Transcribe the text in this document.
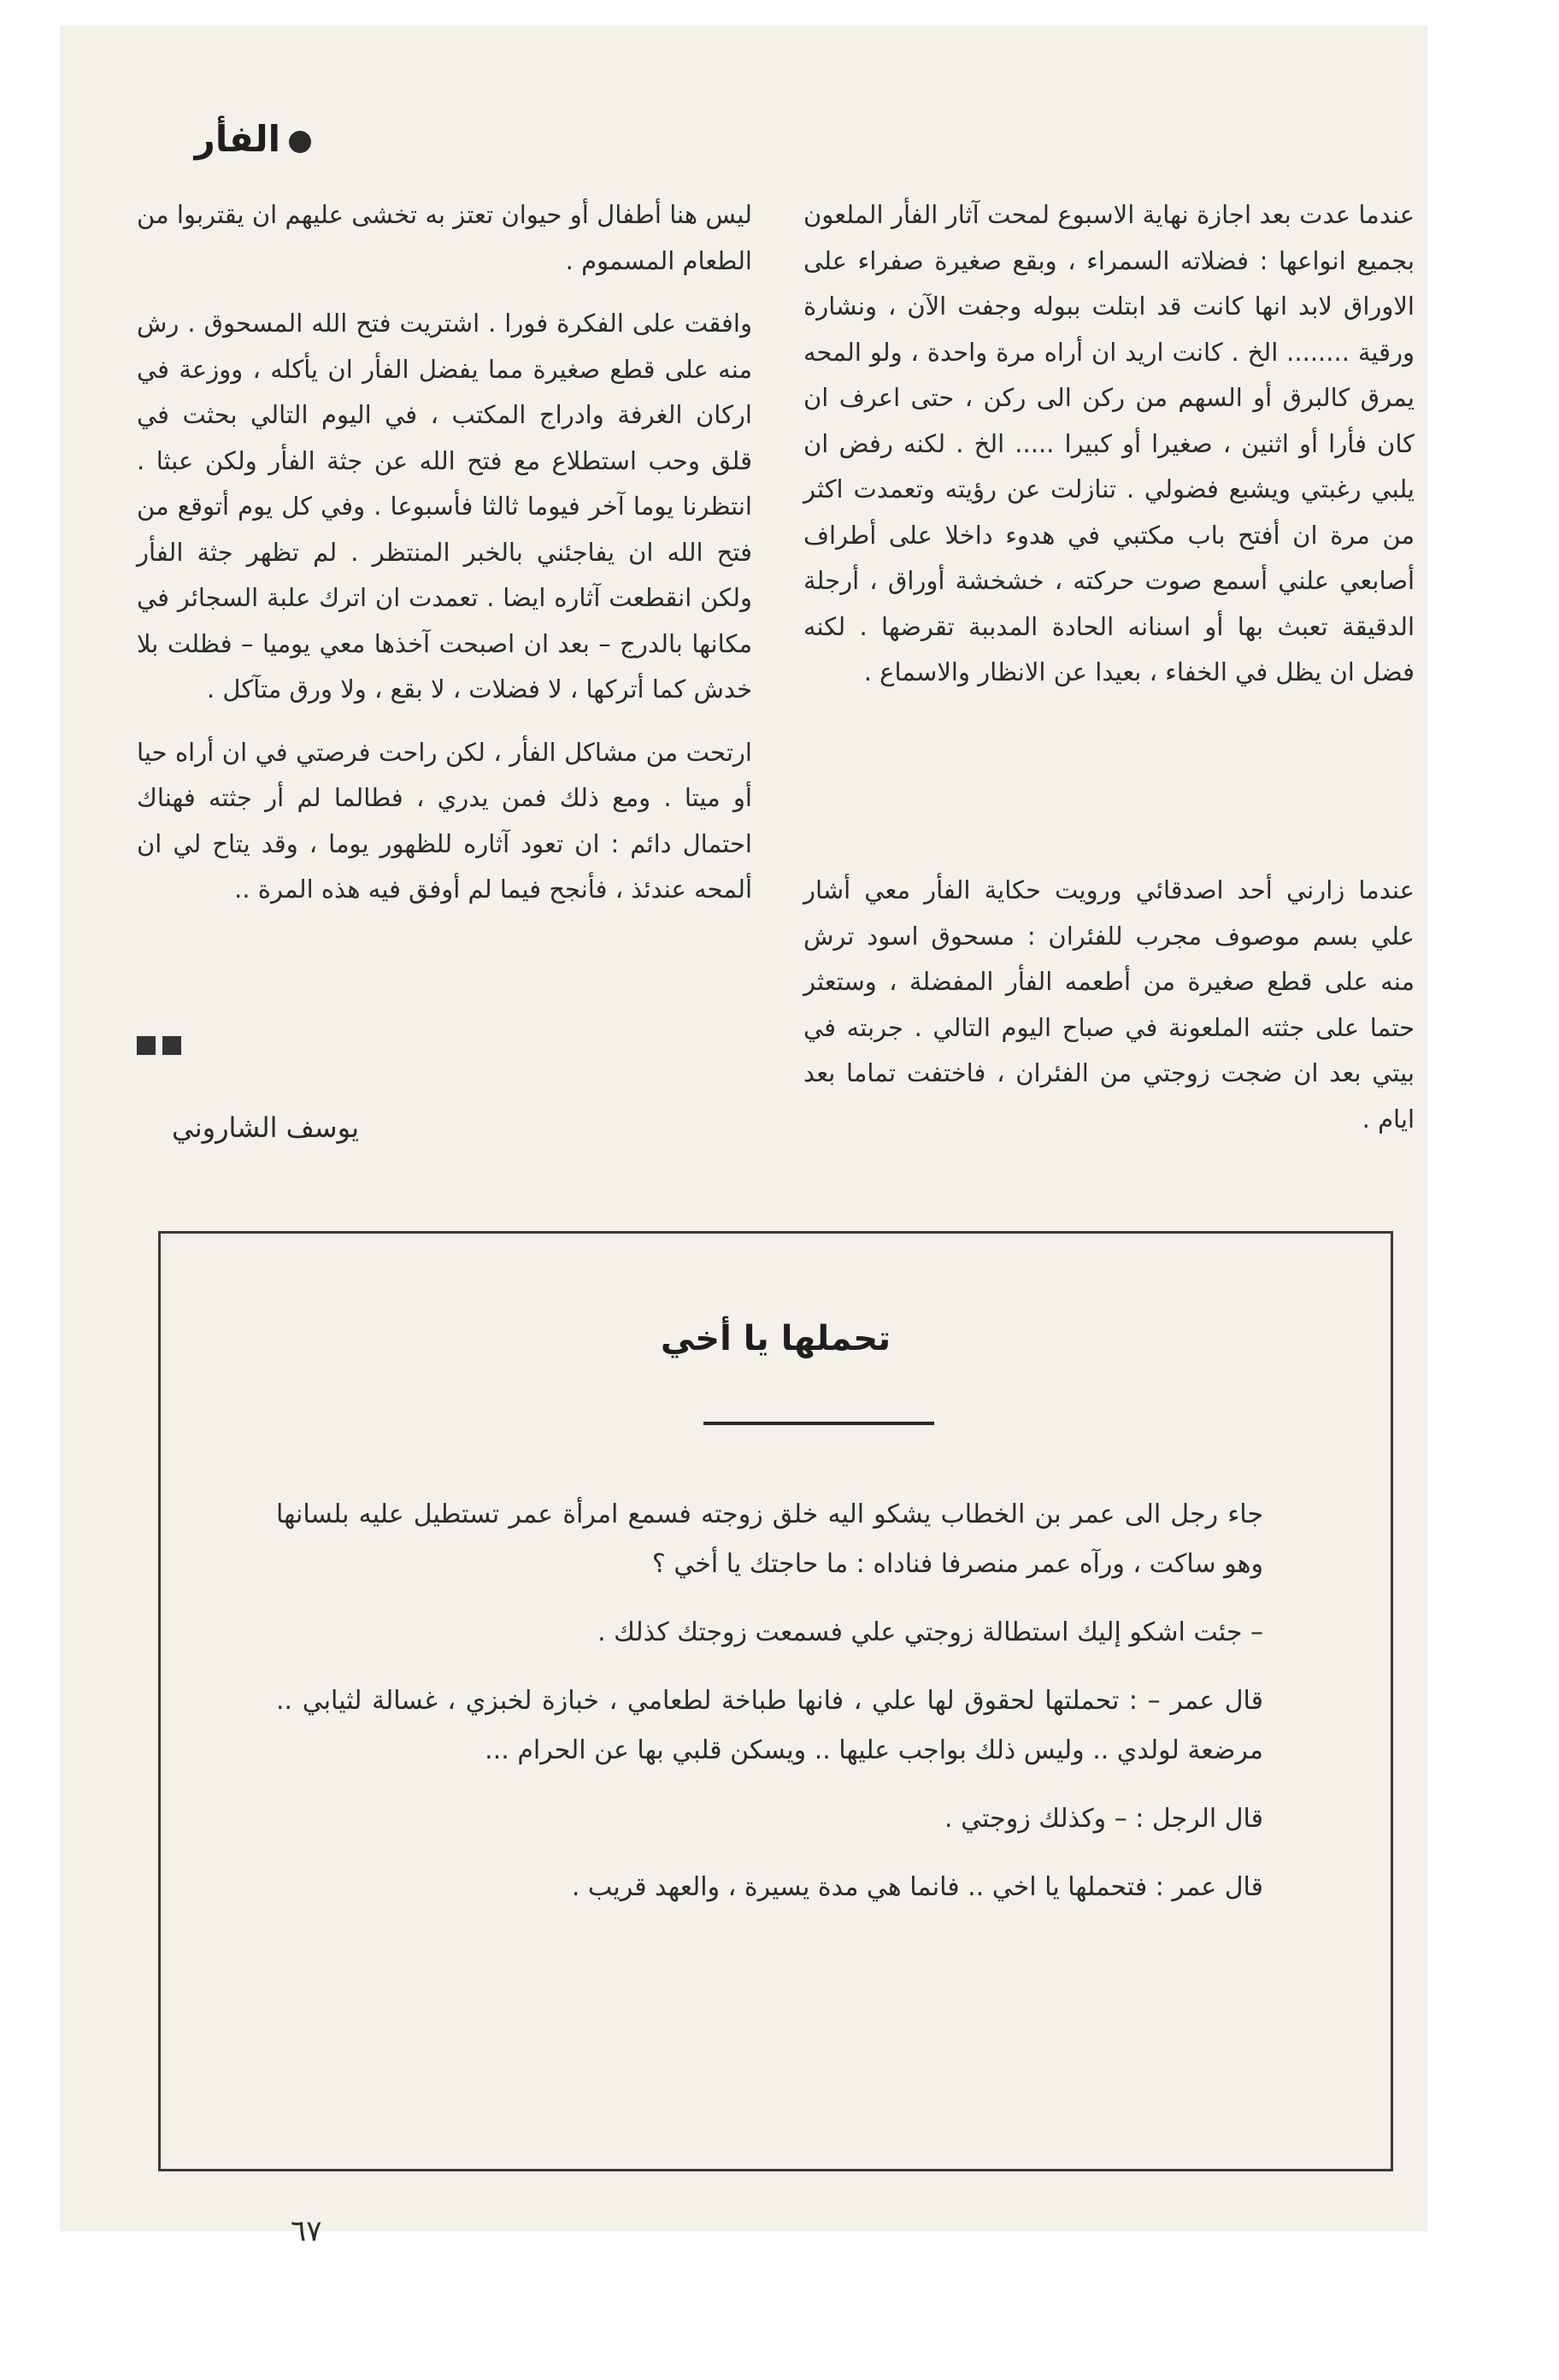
الفأر

عندما عدت بعد اجازة نهاية الاسبوع لمحت آثار الفأر الملعون بجميع انواعها : فضلاته السمراء ، وبقع صغيرة صفراء على الاوراق لابد انها كانت قد ابتلت ببوله وجفت الآن ، ونشارة ورقية ........ الخ . كانت اريد ان أراه مرة واحدة ، ولو المحه يمرق كالبرق أو السهم من ركن الى ركن ، حتى اعرف ان كان فأرا أو اثنين ، صغيرا أو كبيرا ..... الخ . لكنه رفض ان يلبي رغبتي ويشبع فضولي . تنازلت عن رؤيته وتعمدت اكثر من مرة ان أفتح باب مكتبي في هدوء داخلا على أطراف أصابعي علني أسمع صوت حركته ، خشخشة أوراق ، أرجلة الدقيقة تعبث بها أو اسنانه الحادة المدببة تقرضها . لكنه فضل ان يظل في الخفاء ، بعيدا عن الانظار والاسماع .

عندما زارني أحد اصدقائي ورويت حكاية الفأر معي أشار علي بسم موصوف مجرب للفئران : مسحوق اسود ترش منه على قطع صغيرة من أطعمه الفأر المفضلة ، وستعثر حتما على جثته الملعونة في صباح اليوم التالي . جربته في بيتي بعد ان ضجت زوجتي من الفئران ، فاختفت تماما بعد ايام .

ليس هنا أطفال أو حيوان تعتز به تخشى عليهم ان يقتربوا من الطعام المسموم .

وافقت على الفكرة فورا . اشتريت فتح الله المسحوق . رش منه على قطع صغيرة مما يفضل الفأر ان يأكله ، ووزعة في اركان الغرفة وادراج المكتب ، في اليوم التالي بحثت في قلق وحب استطلاع مع فتح الله عن جثة الفأر ولكن عبثا . انتظرنا يوما آخر فيوما ثالثا فأسبوعا . وفي كل يوم أتوقع من فتح الله ان يفاجئني بالخبر المنتظر . لم تظهر جثة الفأر ولكن انقطعت آثاره ايضا . تعمدت ان اترك علبة السجائر في مكانها بالدرج – بعد ان اصبحت آخذها معي يوميا – فظلت بلا خدش كما أتركها ، لا فضلات ، لا بقع ، ولا ورق متآكل .

ارتحت من مشاكل الفأر ، لكن راحت فرصتي في ان أراه حيا أو ميتا . ومع ذلك فمن يدري ، فطالما لم أر جثته فهناك احتمال دائم : ان تعود آثاره للظهور يوما ، وقد يتاح لي ان ألمحه عندئذ ، فأنجح فيما لم أوفق فيه هذه المرة ..

يوسف الشاروني
تحملها يا أخي

جاء رجل الى عمر بن الخطاب يشكو اليه خلق زوجته فسمع امرأة عمر تستطيل عليه بلسانها وهو ساكت ، ورآه عمر منصرفا فناداه : ما حاجتك يا أخي ؟

– جئت اشكو إليك استطالة زوجتي علي فسمعت زوجتك كذلك .

قال عمر – : تحملتها لحقوق لها علي ، فانها طباخة لطعامي ، خبازة لخبزي ، غسالة لثيابي .. مرضعة لولدي .. وليس ذلك بواجب عليها .. ويسكن قلبي بها عن الحرام ...

قال الرجل : – وكذلك زوجتي .

قال عمر : فتحملها يا اخي .. فانما هي مدة يسيرة ، والعهد قريب .

٦٧
